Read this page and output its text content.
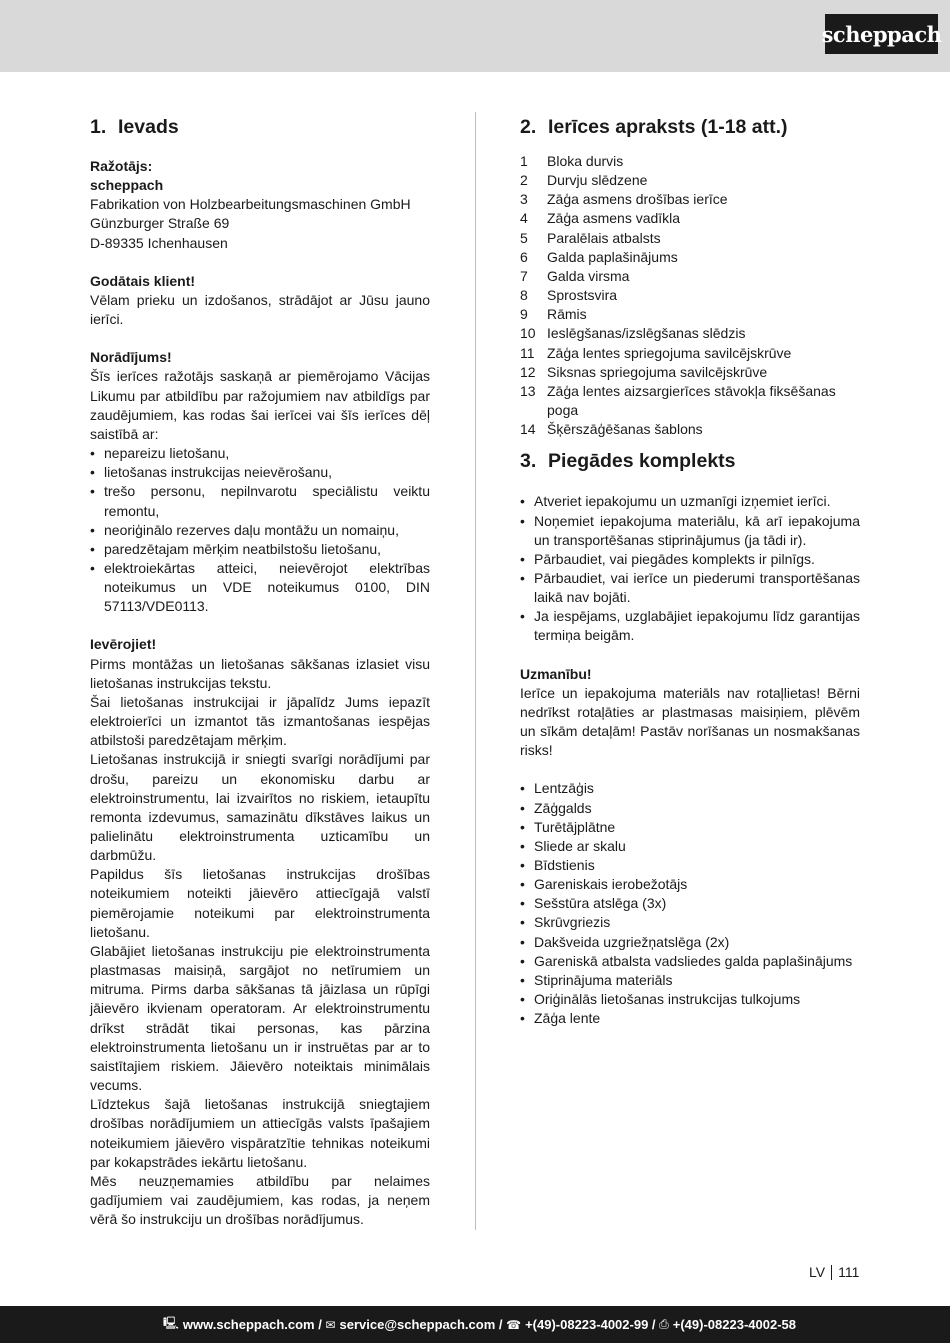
scheppach
1. Ievads
Ražotājs:
scheppach
Fabrikation von Holzbearbeitungsmaschinen GmbH
Günzburger Straße 69
D-89335 Ichenhausen
Godātais klient!

Vēlam prieku un izdošanos, strādājot ar Jūsu jauno ierīci.

Norādījums!

Šīs ierīces ražotājs saskaņā ar piemērojamo Vācijas Likumu par atbildību par ražojumiem nav atbildīgs par zaudējumiem, kas rodas šai ierīcei vai šīs ierīces dēļ saistībā ar:

• nepareizu lietošanu,
• lietošanas instrukcijas neievērošanu,
• trešo personu, nepilnvarotu speciālistu veiktu remontu,
• neoriģinālo rezerves daļu montāžu un nomaiņu,
• paredzētajam mērķim neatbilstošu lietošanu,
• elektroiekārtas atteici, neievērojot elektrības noteikumus un VDE noteikumus 0100, DIN 57113/VDE0113.
Ievērojiet!

Pirms montāžas un lietošanas sākšanas izlasiet visu lietošanas instrukcijas tekstu.

Šai lietošanas instrukcijai ir jāpalīdz Jums iepazīt elektroierīci un izmantot tās izmantošanas iespējas atbilstoši paredzētajam mērķim.

Lietošanas instrukcijā ir sniegti svarīgi norādījumi par drošu, pareizu un ekonomisku darbu ar elektroinstrumentu, lai izvairītos no riskiem, ietaupītu remonta izdevumus, samazinātu dīkstāves laikus un palielinātu elektroinstrumenta uzticamību un darbmūžu.

Papildus šīs lietošanas instrukcijas drošības noteikumiem noteikti jāievēro attiecīgajā valstī piemērojamie noteikumi par elektroinstrumenta lietošanu.

Glabājiet lietošanas instrukciju pie elektroinstrumenta plastmasas maisiņā, sargājot no netīrumiem un mitruma. Pirms darba sākšanas tā jāizlasa un rūpīgi jāievēro ikvienam operatoram. Ar elektroinstrumentu drīkst strādāt tikai personas, kas pārzina elektroinstrumenta lietošanu un ir instruētas par ar to saistītajiem riskiem. Jāievēro noteiktais minimālais vecums.

Līdztekus šajā lietošanas instrukcijā sniegtajiem drošības norādījumiem un attiecīgās valsts īpašajiem noteikumiem jāievēro vispāratzītie tehnikas noteikumi par kokapstrādes iekārtu lietošanu.

Mēs neuzņemamies atbildību par nelaimes gadījumiem vai zaudējumiem, kas rodas, ja neņem vērā šo instrukciju un drošības norādījumus.

2. Ierīces apraksts (1-18 att.)
1	Bloka durvis
2	Durvju slēdzene
3	Zāģa asmens drošības ierīce
4	Zāģa asmens vadīkla
5	Paralēlais atbalsts
6	Galda paplašinājums
7	Galda virsma
8	Sprostsvira
9	Rāmis
10 Ieslēgšanas/izslēgšanas slēdzis
11 Zāģa lentes spriegojuma savilcējskrūve
12 Siksnas spriegojuma savilcējskrūve
13 Zāģa lentes aizsargierīces stāvokļa fiksēšanas poga
14 Šķērszāģēšanas šablons
3. Piegādes komplekts
• Atveriet iepakojumu un uzmanīgi izņemiet ierīci.
• Noņemiet iepakojuma materiālu, kā arī iepakojuma un transportēšanas stiprinājumus (ja tādi ir).
• Pārbaudiet, vai piegādes komplekts ir pilnīgs.
• Pārbaudiet, vai ierīce un piederumi transportēšanas laikā nav bojāti.
• Ja iespējams, uzglabājiet iepakojumu līdz garantijas termiņa beigām.
Uzmanību!

Ierīce un iepakojuma materiāls nav rotaļlietas! Bērni nedrīkst rotaļāties ar plastmasas maisiņiem, plēvēm un sīkām detaļām! Pastāv norīšanas un nosmakšanas risks!

• Lentzāģis
• Zāģgalds
• Turētājplātne
• Sliede ar skalu
• Bīdstienis
• Gareniskais ierobežotājs
• Sešstūra atslēga (3x)
• Skrūvgriezis
• Dakšveida uzgriežņatslēga (2x)
• Gareniskā atbalsta vadsliedes galda paplašinājums
• Stiprinājuma materiāls
• Oriģinālās lietošanas instrukcijas tulkojums
• Zāģa lente
LV 111
🖳 www.scheppach.com /
✉ service@scheppach.com /
☎ +(49)-08223-4002-99 /
⎙ +(49)-08223-4002-58
